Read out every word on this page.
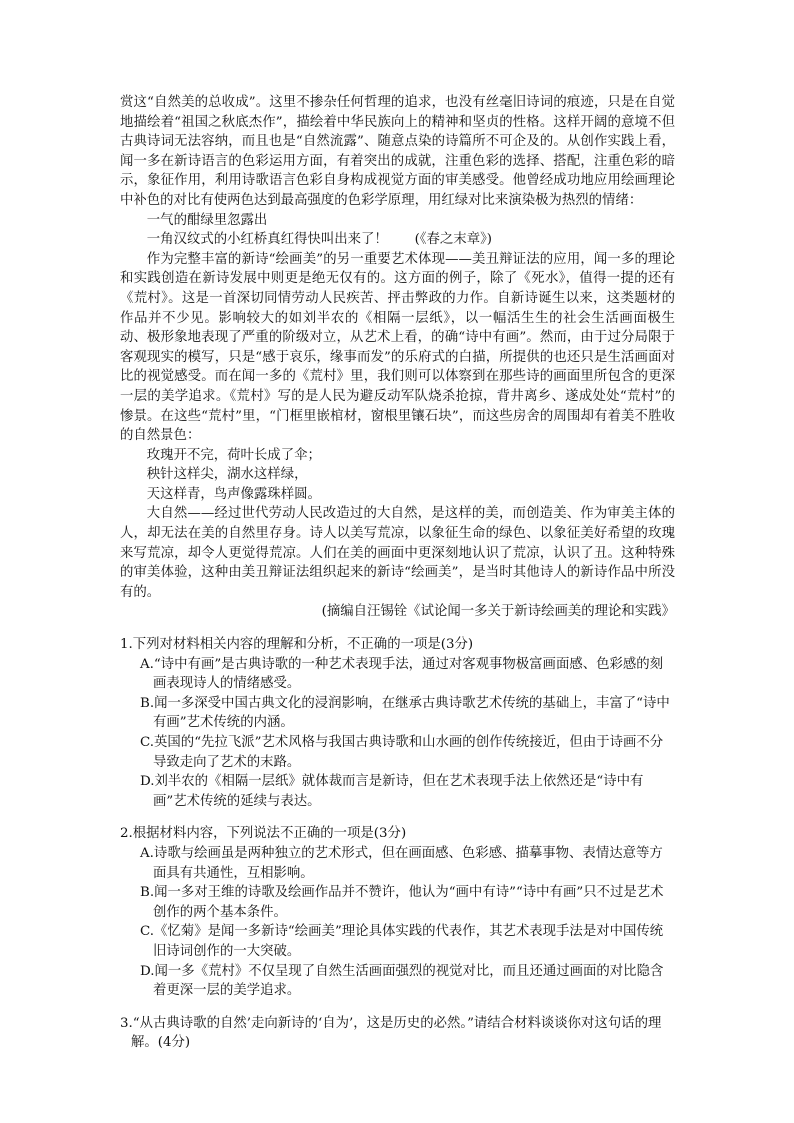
赏这“自然美的总收成”。这里不掺杂任何哲理的追求，也没有丝毫旧诗词的痕迹，只是在自觉地描绘着“祖国之秋底杰作”，描绘着中华民族向上的精神和坚贞的性格。这样开阔的意境不但古典诗词无法容纳，而且也是“自然流露”、随意点染的诗篇所不可企及的。从创作实践上看，闻一多在新诗语言的色彩运用方面，有着突出的成就，注重色彩的选择、搭配，注重色彩的暗示，象征作用，利用诗歌语言色彩自身构成视觉方面的审美感受。他曾经成功地应用绘画理论中补色的对比有使两色达到最高强度的色彩学原理，用红绿对比来演染极为热烈的情绪：

一气的酣绿里忽露出
一角汉纹式的小红桥真红得快叫出来了！　　(《春之末章》)

作为完整丰富的新诗“绘画美”的另一重要艺术体现——美丑辩证法的应用，闻一多的理论和实践创造在新诗发展中则更是绝无仅有的。这方面的例子，除了《死水》，值得一提的还有《荒村》。这是一首深切同情劳动人民疾苦、抨击弊政的力作。自新诗诞生以来，这类题材的作品并不少见。影响较大的如刘半农的《相隔一层纸》，以一幅活生生的社会生活画面极生动、极形象地表现了严重的阶级对立，从艺术上看，的确“诗中有画”。然而，由于过分局限于客观现实的模写，只是“感于哀乐，缘事而发”的乐府式的白描，所提供的也还只是生活画面对比的视觉感受。而在闻一多的《荒村》里，我们则可以体察到在那些诗的画面里所包含的更深一层的美学追求。《荒村》写的是人民为避反动军队烧杀抢掠，背井离乡、遂成处处“荒村”的惨景。在这些“荒村”里，“门框里嵌棺材，窗根里镶石块”，而这些房舍的周围却有着美不胜收的自然景色：

玫瑰开不完，荷叶长成了伞；
秧针这样尖，湖水这样绿，
天这样青，鸟声像露珠样圆。

大自然——经过世代劳动人民改造过的大自然，是这样的美，而创造美、作为审美主体的人，却无法在美的自然里存身。诗人以美写荒凉，以象征生命的绿色、以象征美好希望的玫瑰来写荒凉，却令人更觉得荒凉。人们在美的画面中更深刻地认识了荒凉，认识了丑。这种特殊的审美体验，这种由美丑辩证法组织起来的新诗“绘画美”，是当时其他诗人的新诗作品中所没有的。

(摘编自汪锡铨《试论闻一多关于新诗绘画美的理论和实践》

1.下列对材料相关内容的理解和分析，不正确的一项是(3分)
A.“诗中有画”是古典诗歌的一种艺术表现手法，通过对客观事物极富画面感、色彩感的刻画表现诗人的情绪感受。
B.闻一多深受中国古典文化的浸润影响，在继承古典诗歌艺术传统的基础上，丰富了“诗中有画”艺术传统的内涵。
C.英国的“先拉飞派”艺术风格与我国古典诗歌和山水画的创作传统接近，但由于诗画不分导致走向了艺术的末路。
D.刘半农的《相隔一层纸》就体裁而言是新诗，但在艺术表现手法上依然还是“诗中有画”艺术传统的延续与表达。
2.根据材料内容，下列说法不正确的一项是(3分)
A.诗歌与绘画虽是两种独立的艺术形式，但在画面感、色彩感、描摹事物、表情达意等方面具有共通性，互相影响。
B.闻一多对王维的诗歌及绘画作品并不赞许，他认为“画中有诗”“诗中有画”只不过是艺术创作的两个基本条件。
C.《忆菊》是闻一多新诗“绘画美”理论具体实践的代表作，其艺术表现手法是对中国传统旧诗词创作的一大突破。
D.闻一多《荒村》不仅呈现了自然生活画面强烈的视觉对比，而且还通过画面的对比隐含着更深一层的美学追求。
3.“从古典诗歌的自然’走向新诗的‘自为’，这是历史的必然。”请结合材料谈谈你对这句话的理解。(4分)
